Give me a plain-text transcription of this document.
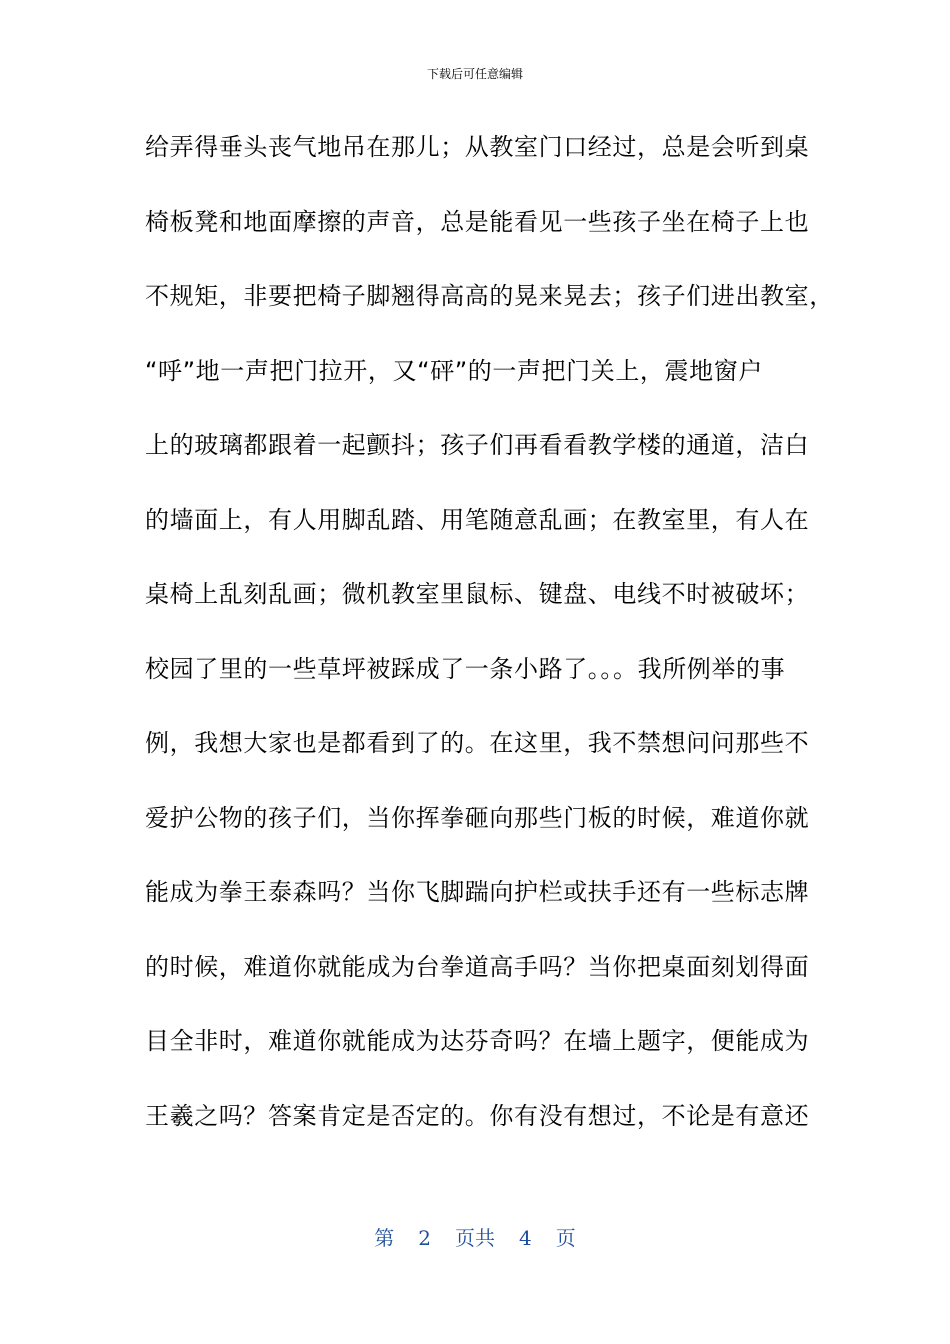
下载后可任意编辑
给弄得垂头丧气地吊在那儿；从教室门口经过，总是会听到桌
椅板凳和地面摩擦的声音，总是能看见一些孩子坐在椅子上也
不规矩，非要把椅子脚翘得高高的晃来晃去；孩子们进出教室，
“呼”地一声把门拉开，又“砰”的一声把门关上，震地窗户
上的玻璃都跟着一起颤抖；孩子们再看看教学楼的通道，洁白
的墙面上，有人用脚乱踏、用笔随意乱画；在教室里，有人在
桌椅上乱刻乱画；微机教室里鼠标、键盘、电线不时被破坏；
校园了里的一些草坪被踩成了一条小路了。。。我所例举的事
例，我想大家也是都看到了的。在这里，我不禁想问问那些不
爱护公物的孩子们，当你挥拳砸向那些门板的时候，难道你就
能成为拳王泰森吗？当你飞脚踹向护栏或扶手还有一些标志牌
的时候，难道你就能成为台拳道高手吗？当你把桌面刻划得面
目全非时，难道你就能成为达芬奇吗？在墙上题字，便能成为
王羲之吗？答案肯定是否定的。你有没有想过，不论是有意还
第 2 页共 4 页
